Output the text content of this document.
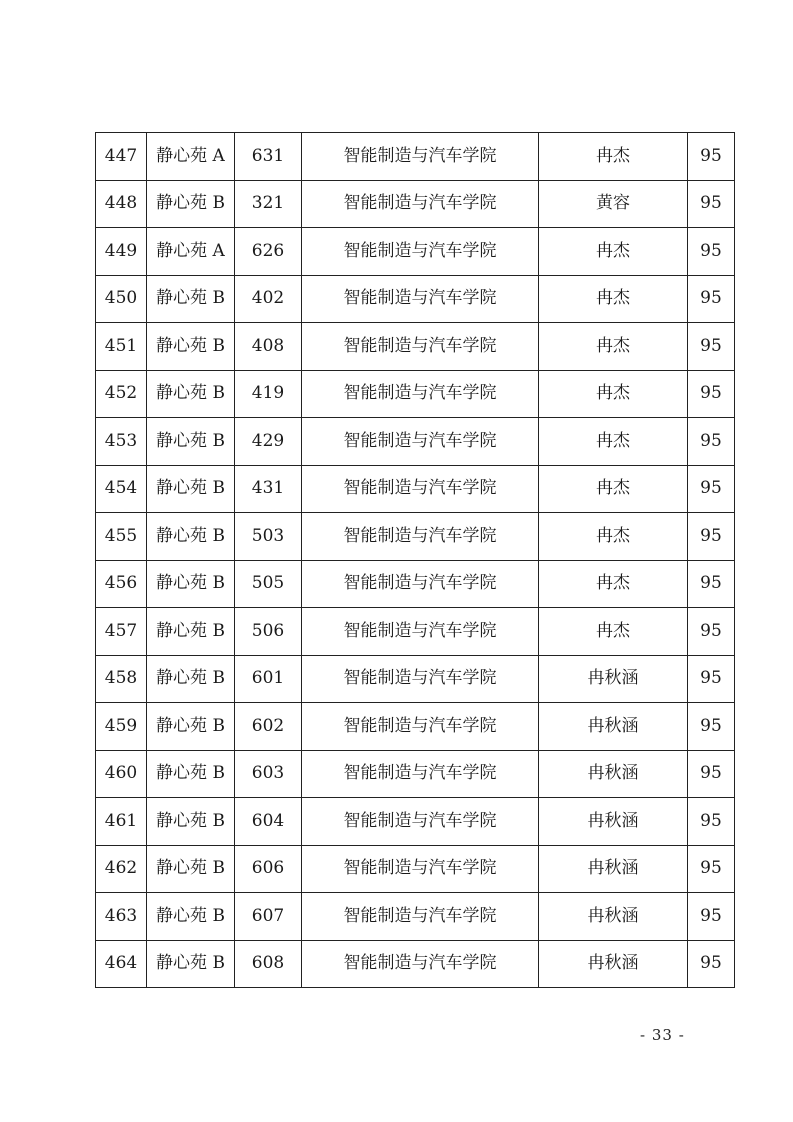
447	静心苑 A	631	智能制造与汽车学院	冉杰	95
448	静心苑 B	321	智能制造与汽车学院	黄容	95
449	静心苑 A	626	智能制造与汽车学院	冉杰	95
450	静心苑 B	402	智能制造与汽车学院	冉杰	95
451	静心苑 B	408	智能制造与汽车学院	冉杰	95
452	静心苑 B	419	智能制造与汽车学院	冉杰	95
453	静心苑 B	429	智能制造与汽车学院	冉杰	95
454	静心苑 B	431	智能制造与汽车学院	冉杰	95
455	静心苑 B	503	智能制造与汽车学院	冉杰	95
456	静心苑 B	505	智能制造与汽车学院	冉杰	95
457	静心苑 B	506	智能制造与汽车学院	冉杰	95
458	静心苑 B	601	智能制造与汽车学院	冉秋涵	95
459	静心苑 B	602	智能制造与汽车学院	冉秋涵	95
460	静心苑 B	603	智能制造与汽车学院	冉秋涵	95
461	静心苑 B	604	智能制造与汽车学院	冉秋涵	95
462	静心苑 B	606	智能制造与汽车学院	冉秋涵	95
463	静心苑 B	607	智能制造与汽车学院	冉秋涵	95
464	静心苑 B	608	智能制造与汽车学院	冉秋涵	95
- 33 -
